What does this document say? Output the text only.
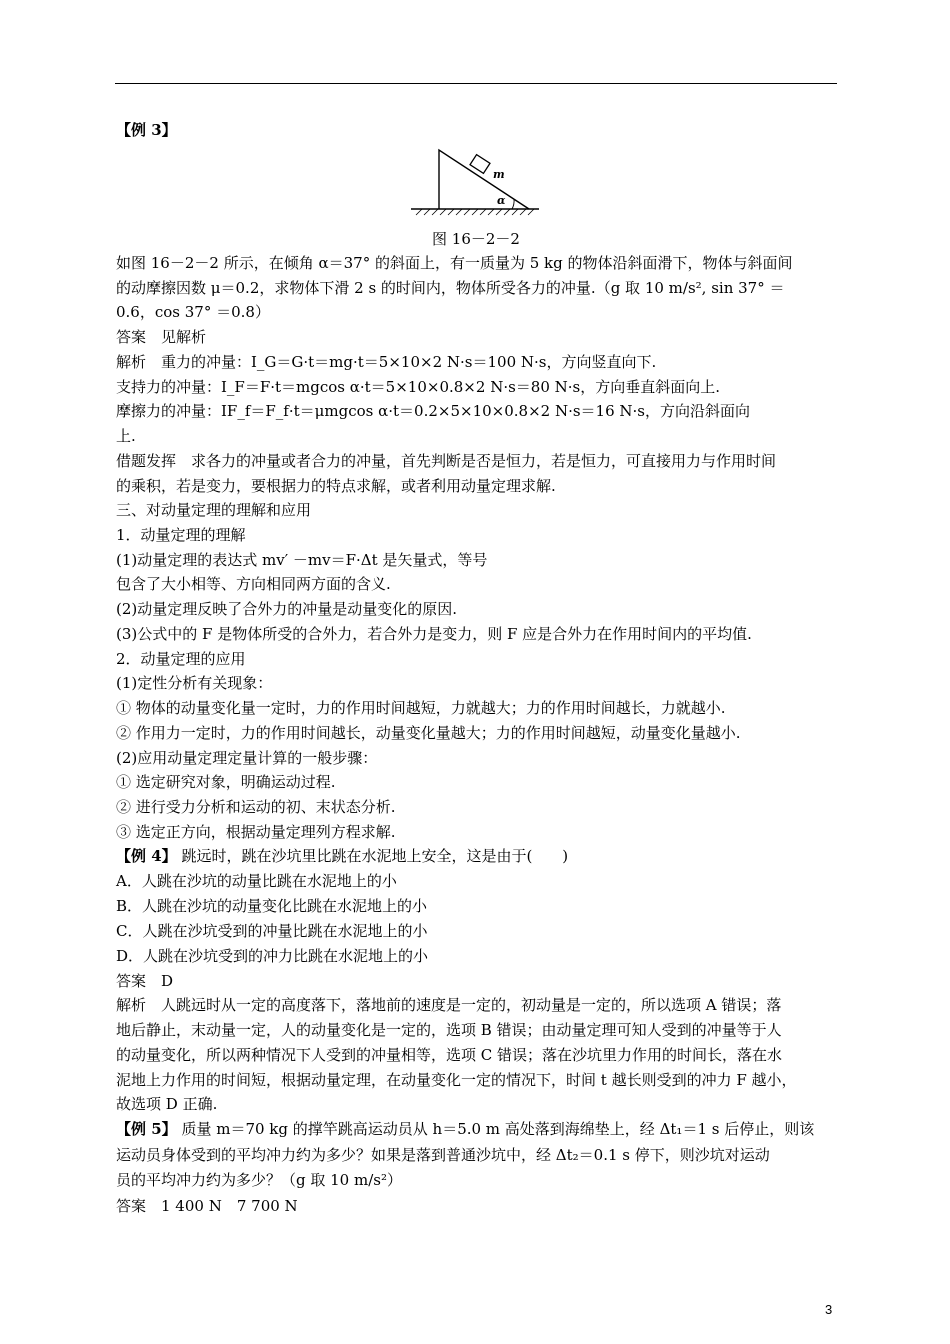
【例 3】
m
α
图 16－2－2
如图 16－2－2 所示，在倾角 α＝37° 的斜面上，有一质量为 5 kg 的物体沿斜面滑下，物体与斜面间
的动摩擦因数 μ＝0.2，求物体下滑 2 s 的时间内，物体所受各力的冲量.（g 取 10 m/s², sin 37° ＝
0.6，cos 37° ＝0.8）
答案　见解析
解析　重力的冲量：I_G＝G·t＝mg·t＝5×10×2 N·s＝100 N·s，方向竖直向下.
支持力的冲量：I_F＝F·t＝mgcos α·t＝5×10×0.8×2 N·s＝80 N·s，方向垂直斜面向上.
摩擦力的冲量：IF_f＝F_f·t＝μmgcos α·t＝0.2×5×10×0.8×2 N·s＝16 N·s，方向沿斜面向
上.
借题发挥　求各力的冲量或者合力的冲量，首先判断是否是恒力，若是恒力，可直接用力与作用时间
的乘积，若是变力，要根据力的特点求解，或者利用动量定理求解.
三、对动量定理的理解和应用
1．动量定理的理解
(1)动量定理的表达式 mv′ －mv＝F·Δt 是矢量式，等号
包含了大小相等、方向相同两方面的含义.
(2)动量定理反映了合外力的冲量是动量变化的原因.
(3)公式中的 F 是物体所受的合外力，若合外力是变力，则 F 应是合外力在作用时间内的平均值.
2．动量定理的应用
(1)定性分析有关现象：
① 物体的动量变化量一定时，力的作用时间越短，力就越大；力的作用时间越长，力就越小.
② 作用力一定时，力的作用时间越长，动量变化量越大；力的作用时间越短，动量变化量越小.
(2)应用动量定理定量计算的一般步骤：
① 选定研究对象，明确运动过程.
② 进行受力分析和运动的初、末状态分析.
③ 选定正方向，根据动量定理列方程求解.
【例 4】 跳远时，跳在沙坑里比跳在水泥地上安全，这是由于(　　)
A．人跳在沙坑的动量比跳在水泥地上的小
B．人跳在沙坑的动量变化比跳在水泥地上的小
C．人跳在沙坑受到的冲量比跳在水泥地上的小
D．人跳在沙坑受到的冲力比跳在水泥地上的小
答案　D
解析　人跳远时从一定的高度落下，落地前的速度是一定的，初动量是一定的，所以选项 A 错误；落
地后静止，末动量一定，人的动量变化是一定的，选项 B 错误；由动量定理可知人受到的冲量等于人
的动量变化，所以两种情况下人受到的冲量相等，选项 C 错误；落在沙坑里力作用的时间长，落在水
泥地上力作用的时间短，根据动量定理，在动量变化一定的情况下，时间 t 越长则受到的冲力 F 越小，
故选项 D 正确.
【例 5】 质量 m＝70 kg 的撑竿跳高运动员从 h＝5.0 m 高处落到海绵垫上，经 Δt₁＝1 s 后停止，则该
运动员身体受到的平均冲力约为多少？如果是落到普通沙坑中，经 Δt₂＝0.1 s 停下，则沙坑对运动
员的平均冲力约为多少？（g 取 10 m/s²）
答案　1 400 N　7 700 N
3
